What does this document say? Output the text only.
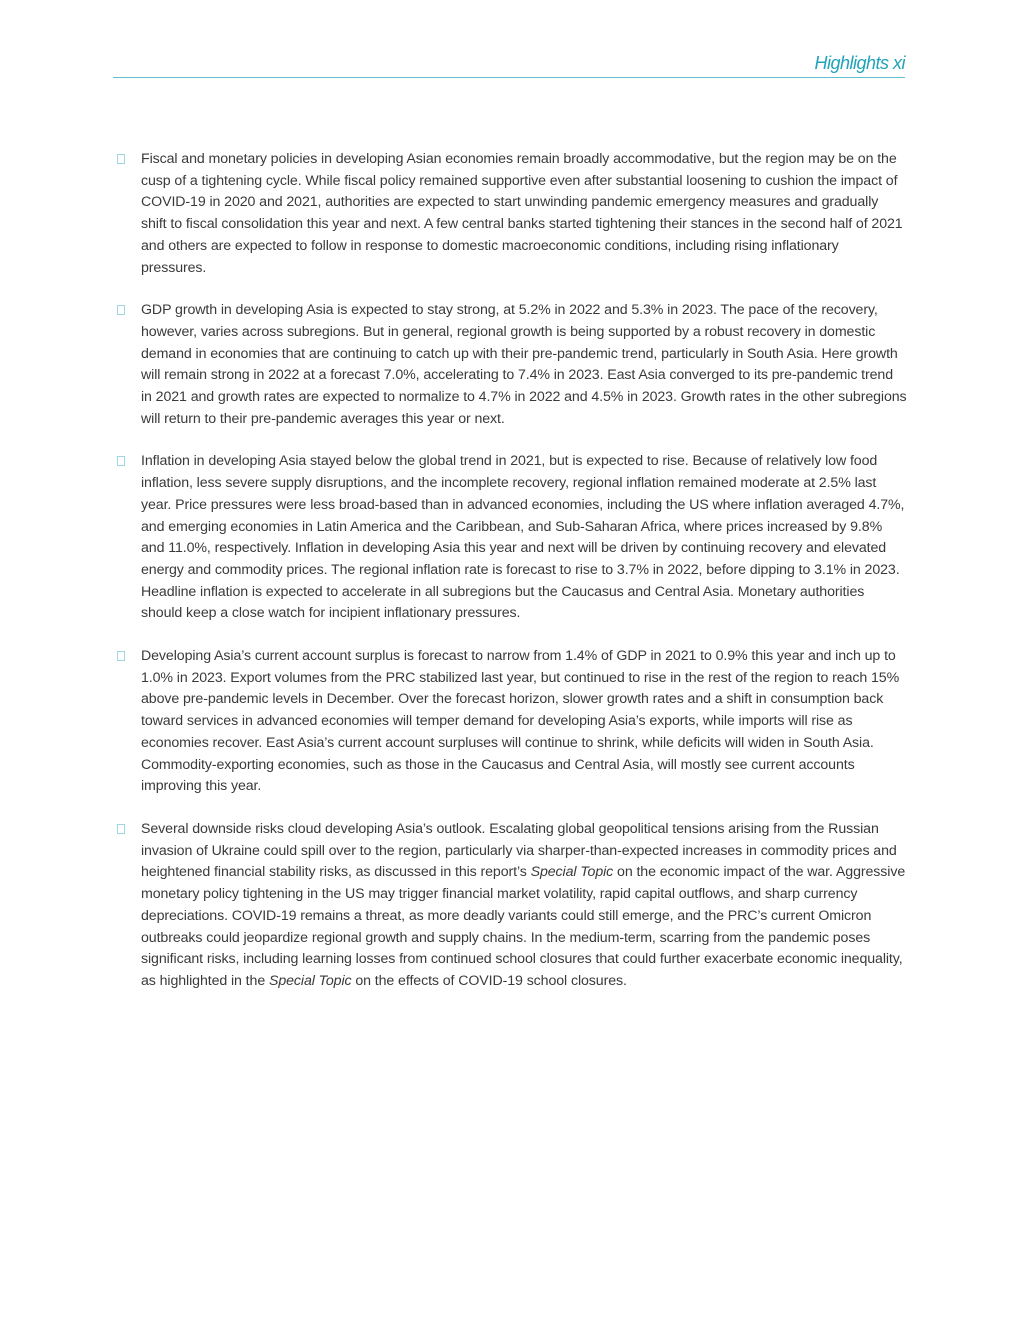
Highlights xi

Fiscal and monetary policies in developing Asian economies remain broadly accommodative, but the region may be on the cusp of a tightening cycle. While fiscal policy remained supportive even after substantial loosening to cushion the impact of COVID-19 in 2020 and 2021, authorities are expected to start unwinding pandemic emergency measures and gradually shift to fiscal consolidation this year and next. A few central banks started tightening their stances in the second half of 2021 and others are expected to follow in response to domestic macroeconomic conditions, including rising inflationary pressures.

GDP growth in developing Asia is expected to stay strong, at 5.2% in 2022 and 5.3% in 2023. The pace of the recovery, however, varies across subregions. But in general, regional growth is being supported by a robust recovery in domestic demand in economies that are continuing to catch up with their pre-pandemic trend, particularly in South Asia. Here growth will remain strong in 2022 at a forecast 7.0%, accelerating to 7.4% in 2023. East Asia converged to its pre-pandemic trend in 2021 and growth rates are expected to normalize to 4.7% in 2022 and 4.5% in 2023. Growth rates in the other subregions will return to their pre-pandemic averages this year or next.

Inflation in developing Asia stayed below the global trend in 2021, but is expected to rise. Because of relatively low food inflation, less severe supply disruptions, and the incomplete recovery, regional inflation remained moderate at 2.5% last year. Price pressures were less broad-based than in advanced economies, including the US where inflation averaged 4.7%, and emerging economies in Latin America and the Caribbean, and Sub-Saharan Africa, where prices increased by 9.8% and 11.0%, respectively. Inflation in developing Asia this year and next will be driven by continuing recovery and elevated energy and commodity prices. The regional inflation rate is forecast to rise to 3.7% in 2022, before dipping to 3.1% in 2023. Headline inflation is expected to accelerate in all subregions but the Caucasus and Central Asia. Monetary authorities should keep a close watch for incipient inflationary pressures.

Developing Asia’s current account surplus is forecast to narrow from 1.4% of GDP in 2021 to 0.9% this year and inch up to 1.0% in 2023. Export volumes from the PRC stabilized last year, but continued to rise in the rest of the region to reach 15% above pre-pandemic levels in December. Over the forecast horizon, slower growth rates and a shift in consumption back toward services in advanced economies will temper demand for developing Asia’s exports, while imports will rise as economies recover. East Asia’s current account surpluses will continue to shrink, while deficits will widen in South Asia. Commodity-exporting economies, such as those in the Caucasus and Central Asia, will mostly see current accounts improving this year.

Several downside risks cloud developing Asia’s outlook. Escalating global geopolitical tensions arising from the Russian invasion of Ukraine could spill over to the region, particularly via sharper-than-expected increases in commodity prices and heightened financial stability risks, as discussed in this report’s Special Topic on the economic impact of the war. Aggressive monetary policy tightening in the US may trigger financial market volatility, rapid capital outflows, and sharp currency depreciations. COVID-19 remains a threat, as more deadly variants could still emerge, and the PRC’s current Omicron outbreaks could jeopardize regional growth and supply chains. In the medium-term, scarring from the pandemic poses significant risks, including learning losses from continued school closures that could further exacerbate economic inequality, as highlighted in the Special Topic on the effects of COVID-19 school closures.
